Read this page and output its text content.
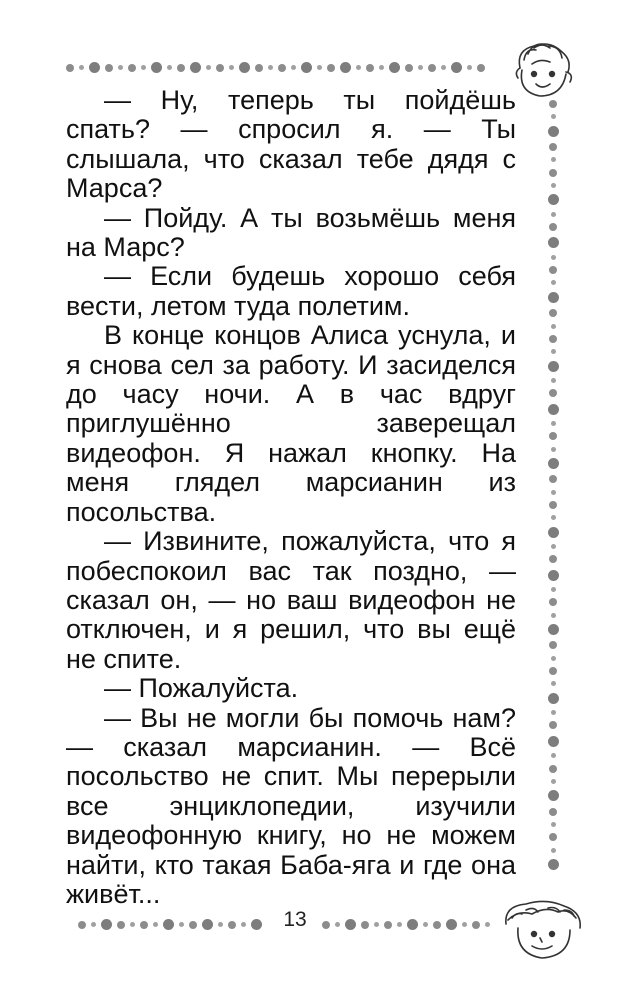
— Ну, теперь ты пойдёшь спать? — спросил я. — Ты слышала, что сказал тебе дядя с Марса?

— Пойду. А ты возьмёшь меня на Марс?

— Если будешь хорошо себя вести, летом туда полетим.

В конце концов Алиса уснула, и я снова сел за работу. И засиделся до часу ночи. А в час вдруг приглушённо заверещал видеофон. Я нажал кнопку. На меня глядел марсианин из посольства.

— Извините, пожалуйста, что я побеспокоил вас так поздно, — сказал он, — но ваш видеофон не отключен, и я решил, что вы ещё не спите.

— Пожалуйста.

— Вы не могли бы помочь нам? — сказал марсианин. — Всё посольство не спит. Мы перерыли все энциклопедии, изучили видеофонную книгу, но не можем найти, кто такая Баба-яга и где она живёт...

13
